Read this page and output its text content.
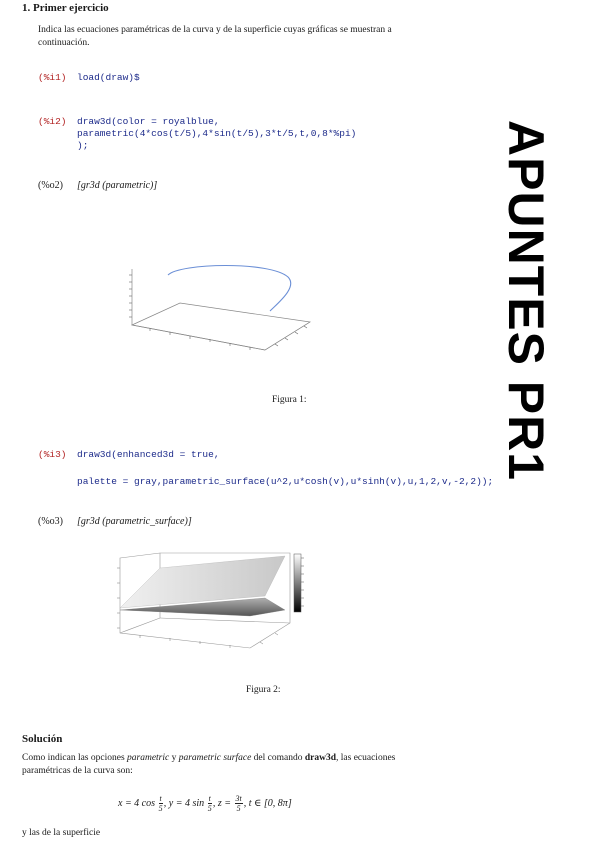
1. Primer ejercicio
Indica las ecuaciones paramétricas de la curva y de la superficie cuyas gráficas se muestran a continuación.
(%i1) load(draw)$
(%i2) draw3d(color = royalblue,
parametric(4*cos(t/5),4*sin(t/5),3*t/5,t,0,8*%pi)
);
(%o2) [gr3d (parametric)]
Figura 1:
(%i3) draw3d(enhanced3d = true,
palette = gray,parametric_surface(u^2,u*cosh(v),u*sinh(v),u,1,2,v,-2,2));
(%o3) [gr3d (parametric_surface)]
Figura 2:
APUNTES PR1
Solución
Como indican las opciones parametric y parametric surface del comando draw3d, las ecuaciones paramétricas de la curva son:
x = 4 $\cos \frac{t}{5}$ , y = 4 $\sin \frac{t}{5}$ , $z = \frac{3t}{5}$ , t ∈ [0, 8π]
y las de la superficie
